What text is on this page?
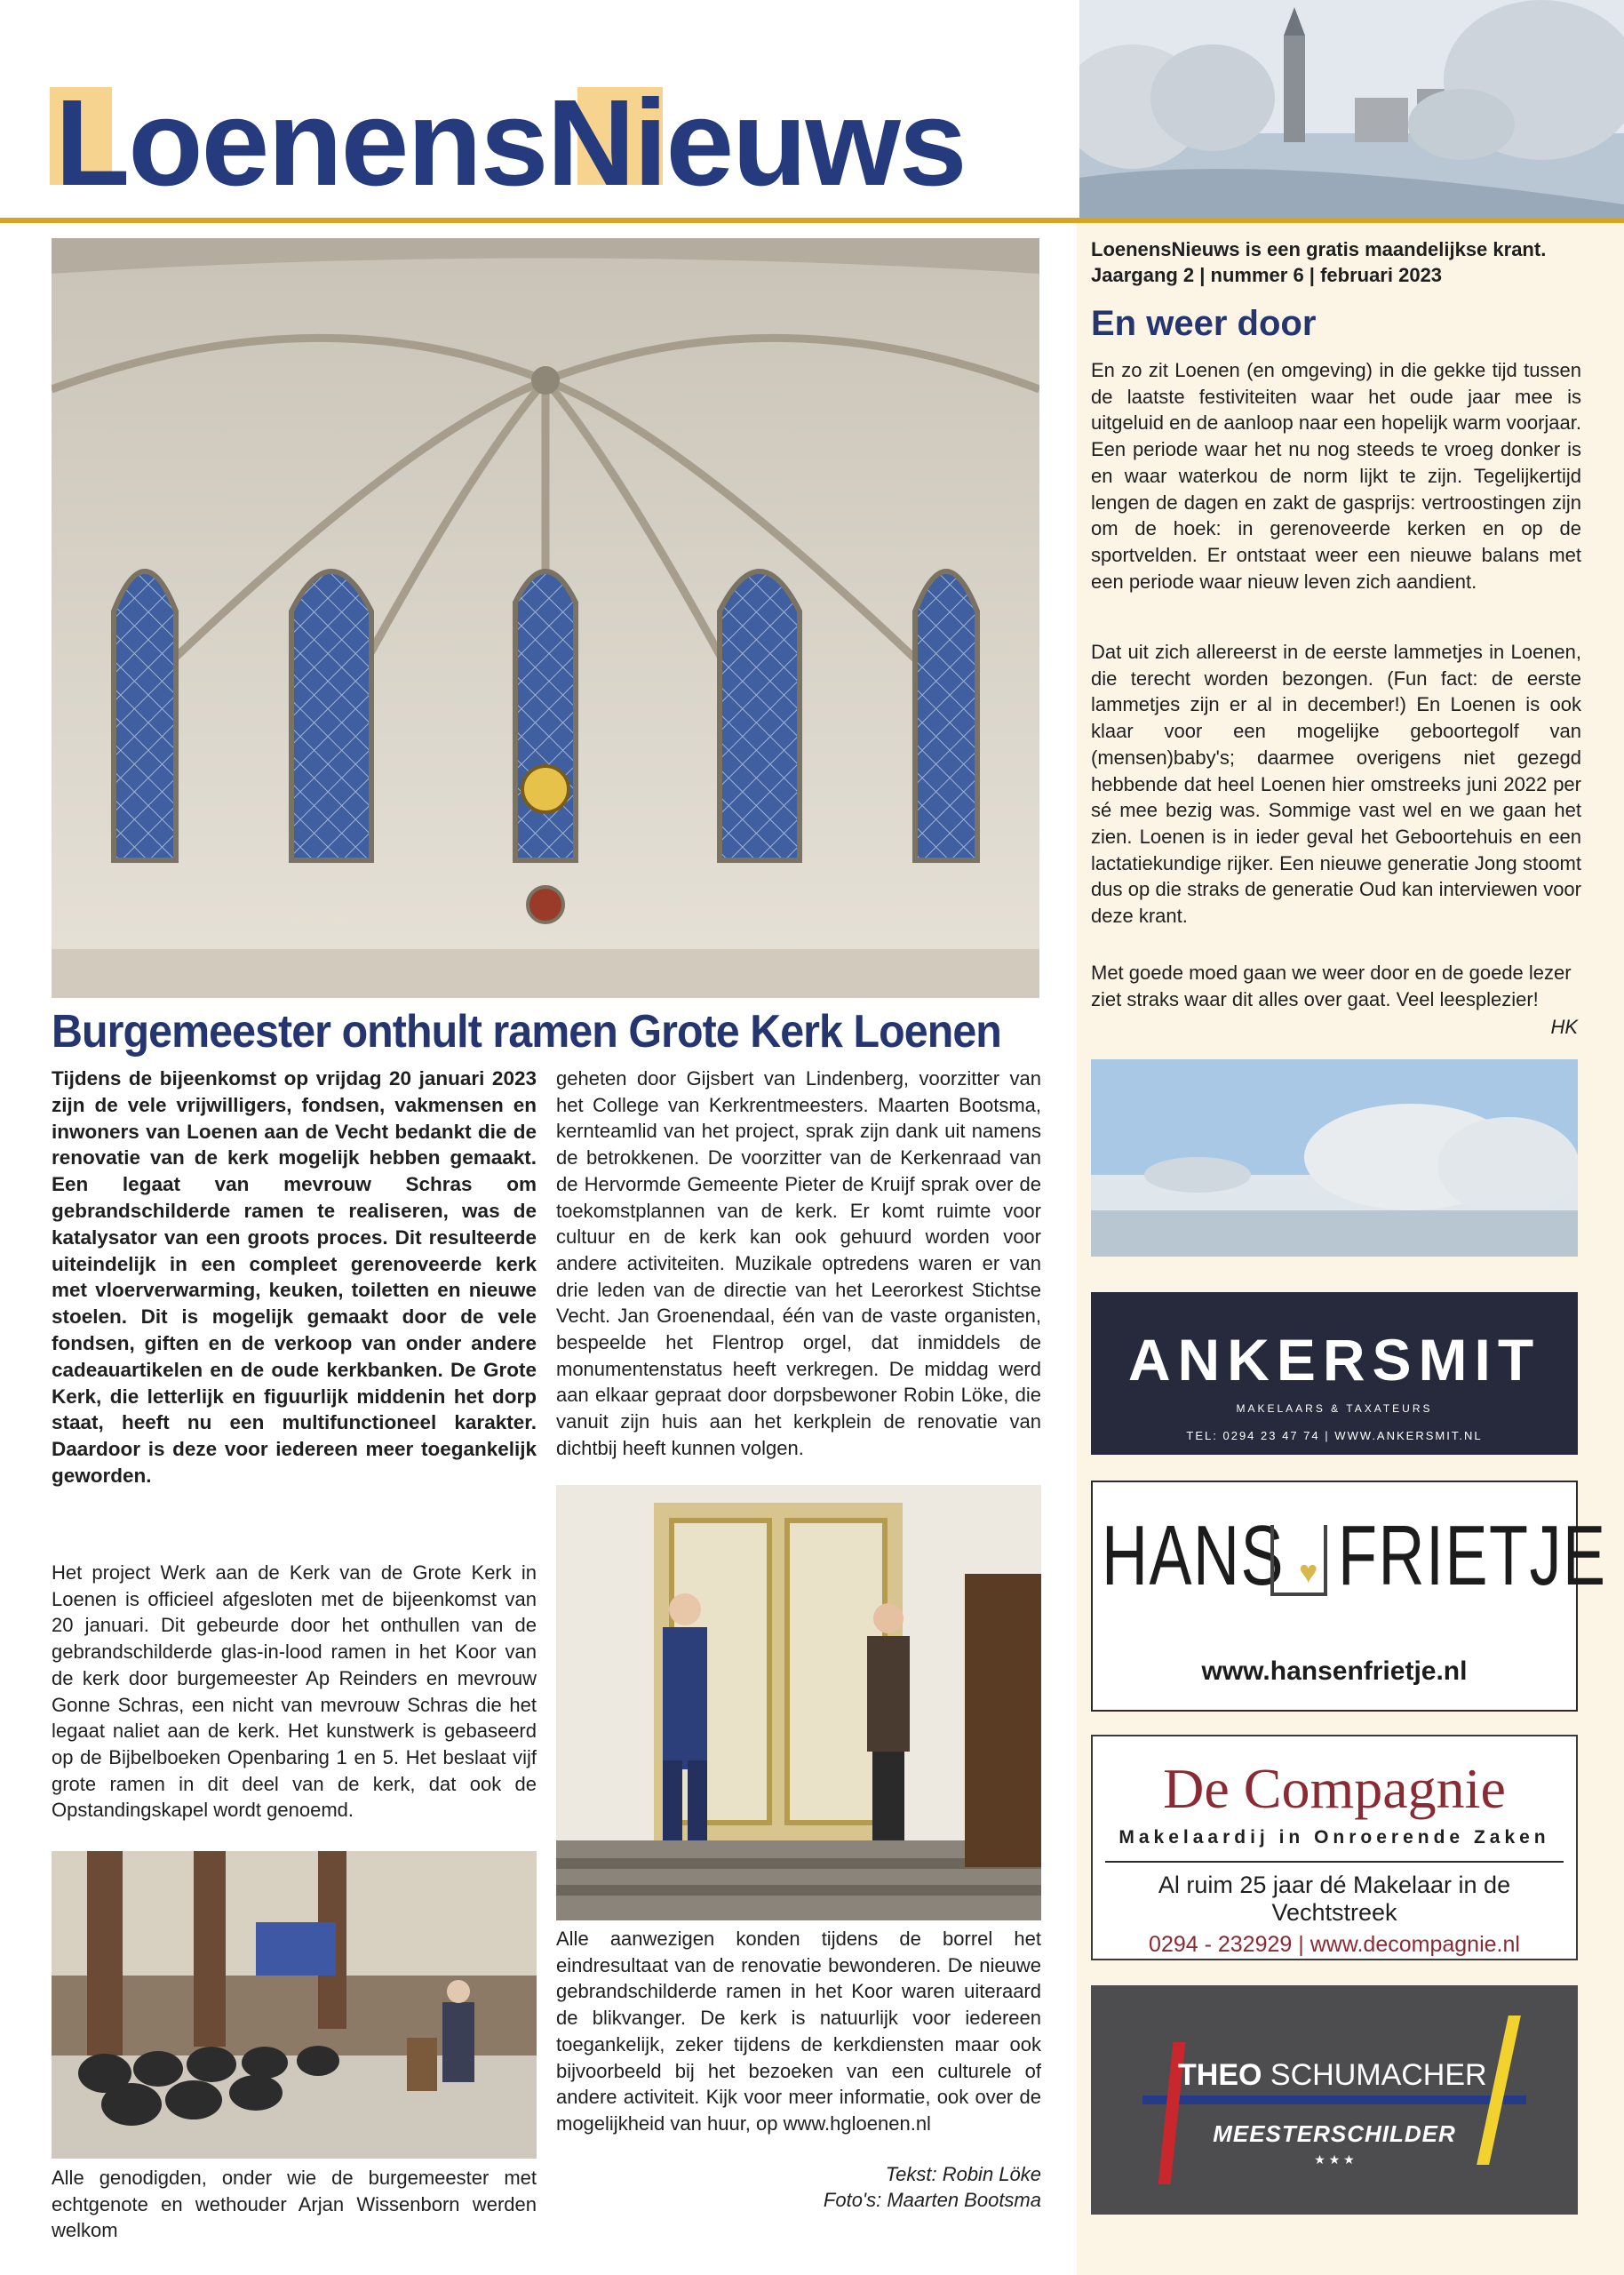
LoenensNieuws
EN DE OVERS
EEST GOD DE HEER	IK BE · DIE WAS
Burgemeester onthult ramen Grote Kerk Loenen

Tijdens de bijeenkomst op vrijdag 20 januari 2023 zijn de vele vrijwilligers, fondsen, vakmensen en inwoners van Loenen aan de Vecht bedankt die de renovatie van de kerk mogelijk hebben gemaakt. Een legaat van mevrouw Schras om gebrandschilderde ramen te realiseren, was de katalysator van een groots proces. Dit resulteerde uiteindelijk in een compleet gerenoveerde kerk met vloerverwarming, keuken, toiletten en nieuwe stoelen. Dit is mogelijk gemaakt door de vele fondsen, giften en de verkoop van onder andere cadeauartikelen en de oude kerkbanken. De Grote Kerk, die letterlijk en figuurlijk middenin het dorp staat, heeft nu een multifunctioneel karakter. Daardoor is deze voor iedereen meer toegankelijk geworden.

Het project Werk aan de Kerk van de Grote Kerk in Loenen is officieel afgesloten met de bijeenkomst van 20 januari. Dit gebeurde door het onthullen van de gebrandschilderde glas-in-lood ramen in het Koor van de kerk door burgemeester Ap Reinders en mevrouw Gonne Schras, een nicht van mevrouw Schras die het legaat naliet aan de kerk. Het kunstwerk is gebaseerd op de Bijbelboeken Openbaring 1 en 5. Het beslaat vijf grote ramen in dit deel van de kerk, dat ook de Opstandingskapel wordt genoemd.

Alle genodigden, onder wie de burgemeester met echtgenote en wethouder Arjan Wissenborn werden welkom

geheten door Gijsbert van Lindenberg, voorzitter van het College van Kerkrentmeesters. Maarten Bootsma, kernteamlid van het project, sprak zijn dank uit namens de betrokkenen. De voorzitter van de Kerkenraad van de Hervormde Gemeente Pieter de Kruijf sprak over de toekomstplannen van de kerk. Er komt ruimte voor cultuur en de kerk kan ook gehuurd worden voor andere activiteiten. Muzikale optredens waren er van drie leden van de directie van het Leerorkest Stichtse Vecht. Jan Groenendaal, één van de vaste organisten, bespeelde het Flentrop orgel, dat inmiddels de monumentenstatus heeft verkregen. De middag werd aan elkaar gepraat door dorpsbewoner Robin Löke, die vanuit zijn huis aan het kerkplein de renovatie van dichtbij heeft kunnen volgen.

Alle aanwezigen konden tijdens de borrel het eindresultaat van de renovatie bewonderen. De nieuwe gebrandschilderde ramen in het Koor waren uiteraard de blikvanger. De kerk is natuurlijk voor iedereen toegankelijk, zeker tijdens de kerkdiensten maar ook bijvoorbeeld bij het bezoeken van een culturele of andere activiteit. Kijk voor meer informatie, ook over de mogelijkheid van huur, op www.hgloenen.nl

Tekst: Robin Löke

Foto's: Maarten Bootsma

LoenensNieuws is een gratis maandelijkse krant.
Jaargang 2 | nummer 6 | februari 2023
En weer door

En zo zit Loenen (en omgeving) in die gekke tijd tussen de laatste festiviteiten waar het oude jaar mee is uitgeluid en de aanloop naar een hopelijk warm voorjaar. Een periode waar het nu nog steeds te vroeg donker is en waar waterkou de norm lijkt te zijn. Tegelijkertijd lengen de dagen en zakt de gasprijs: vertroostingen zijn om de hoek: in gerenoveerde kerken en op de sportvelden. Er ontstaat weer een nieuwe balans met een periode waar nieuw leven zich aandient.

Dat uit zich allereerst in de eerste lammetjes in Loenen, die terecht worden bezongen. (Fun fact: de eerste lammetjes zijn er al in december!) En Loenen is ook klaar voor een mogelijke geboortegolf van (mensen)baby's; daarmee overigens niet gezegd hebbende dat heel Loenen hier omstreeks juni 2022 per sé mee bezig was. Sommige vast wel en we gaan het zien. Loenen is in ieder geval het Geboortehuis en een lactatiekundige rijker. Een nieuwe generatie Jong stoomt dus op die straks de generatie Oud kan interviewen voor deze krant.

Met goede moed gaan we weer door en de goede lezer ziet straks waar dit alles over gaat. Veel leesplezier!

HK
ANKERSMIT
MAKELAARS & TAXATEURS
TEL: 0294 23 47 74 | WWW.ANKERSMIT.NL
HANS ♥ FRIETJE
www.hansenfrietje.nl
De Compagnie
Makelaardij in Onroerende Zaken
Al ruim 25 jaar dé Makelaar in de Vechtstreek
0294 - 232929 | www.decompagnie.nl
THEO SCHUMACHER
MEESTERSCHILDER
★ ★ ★
